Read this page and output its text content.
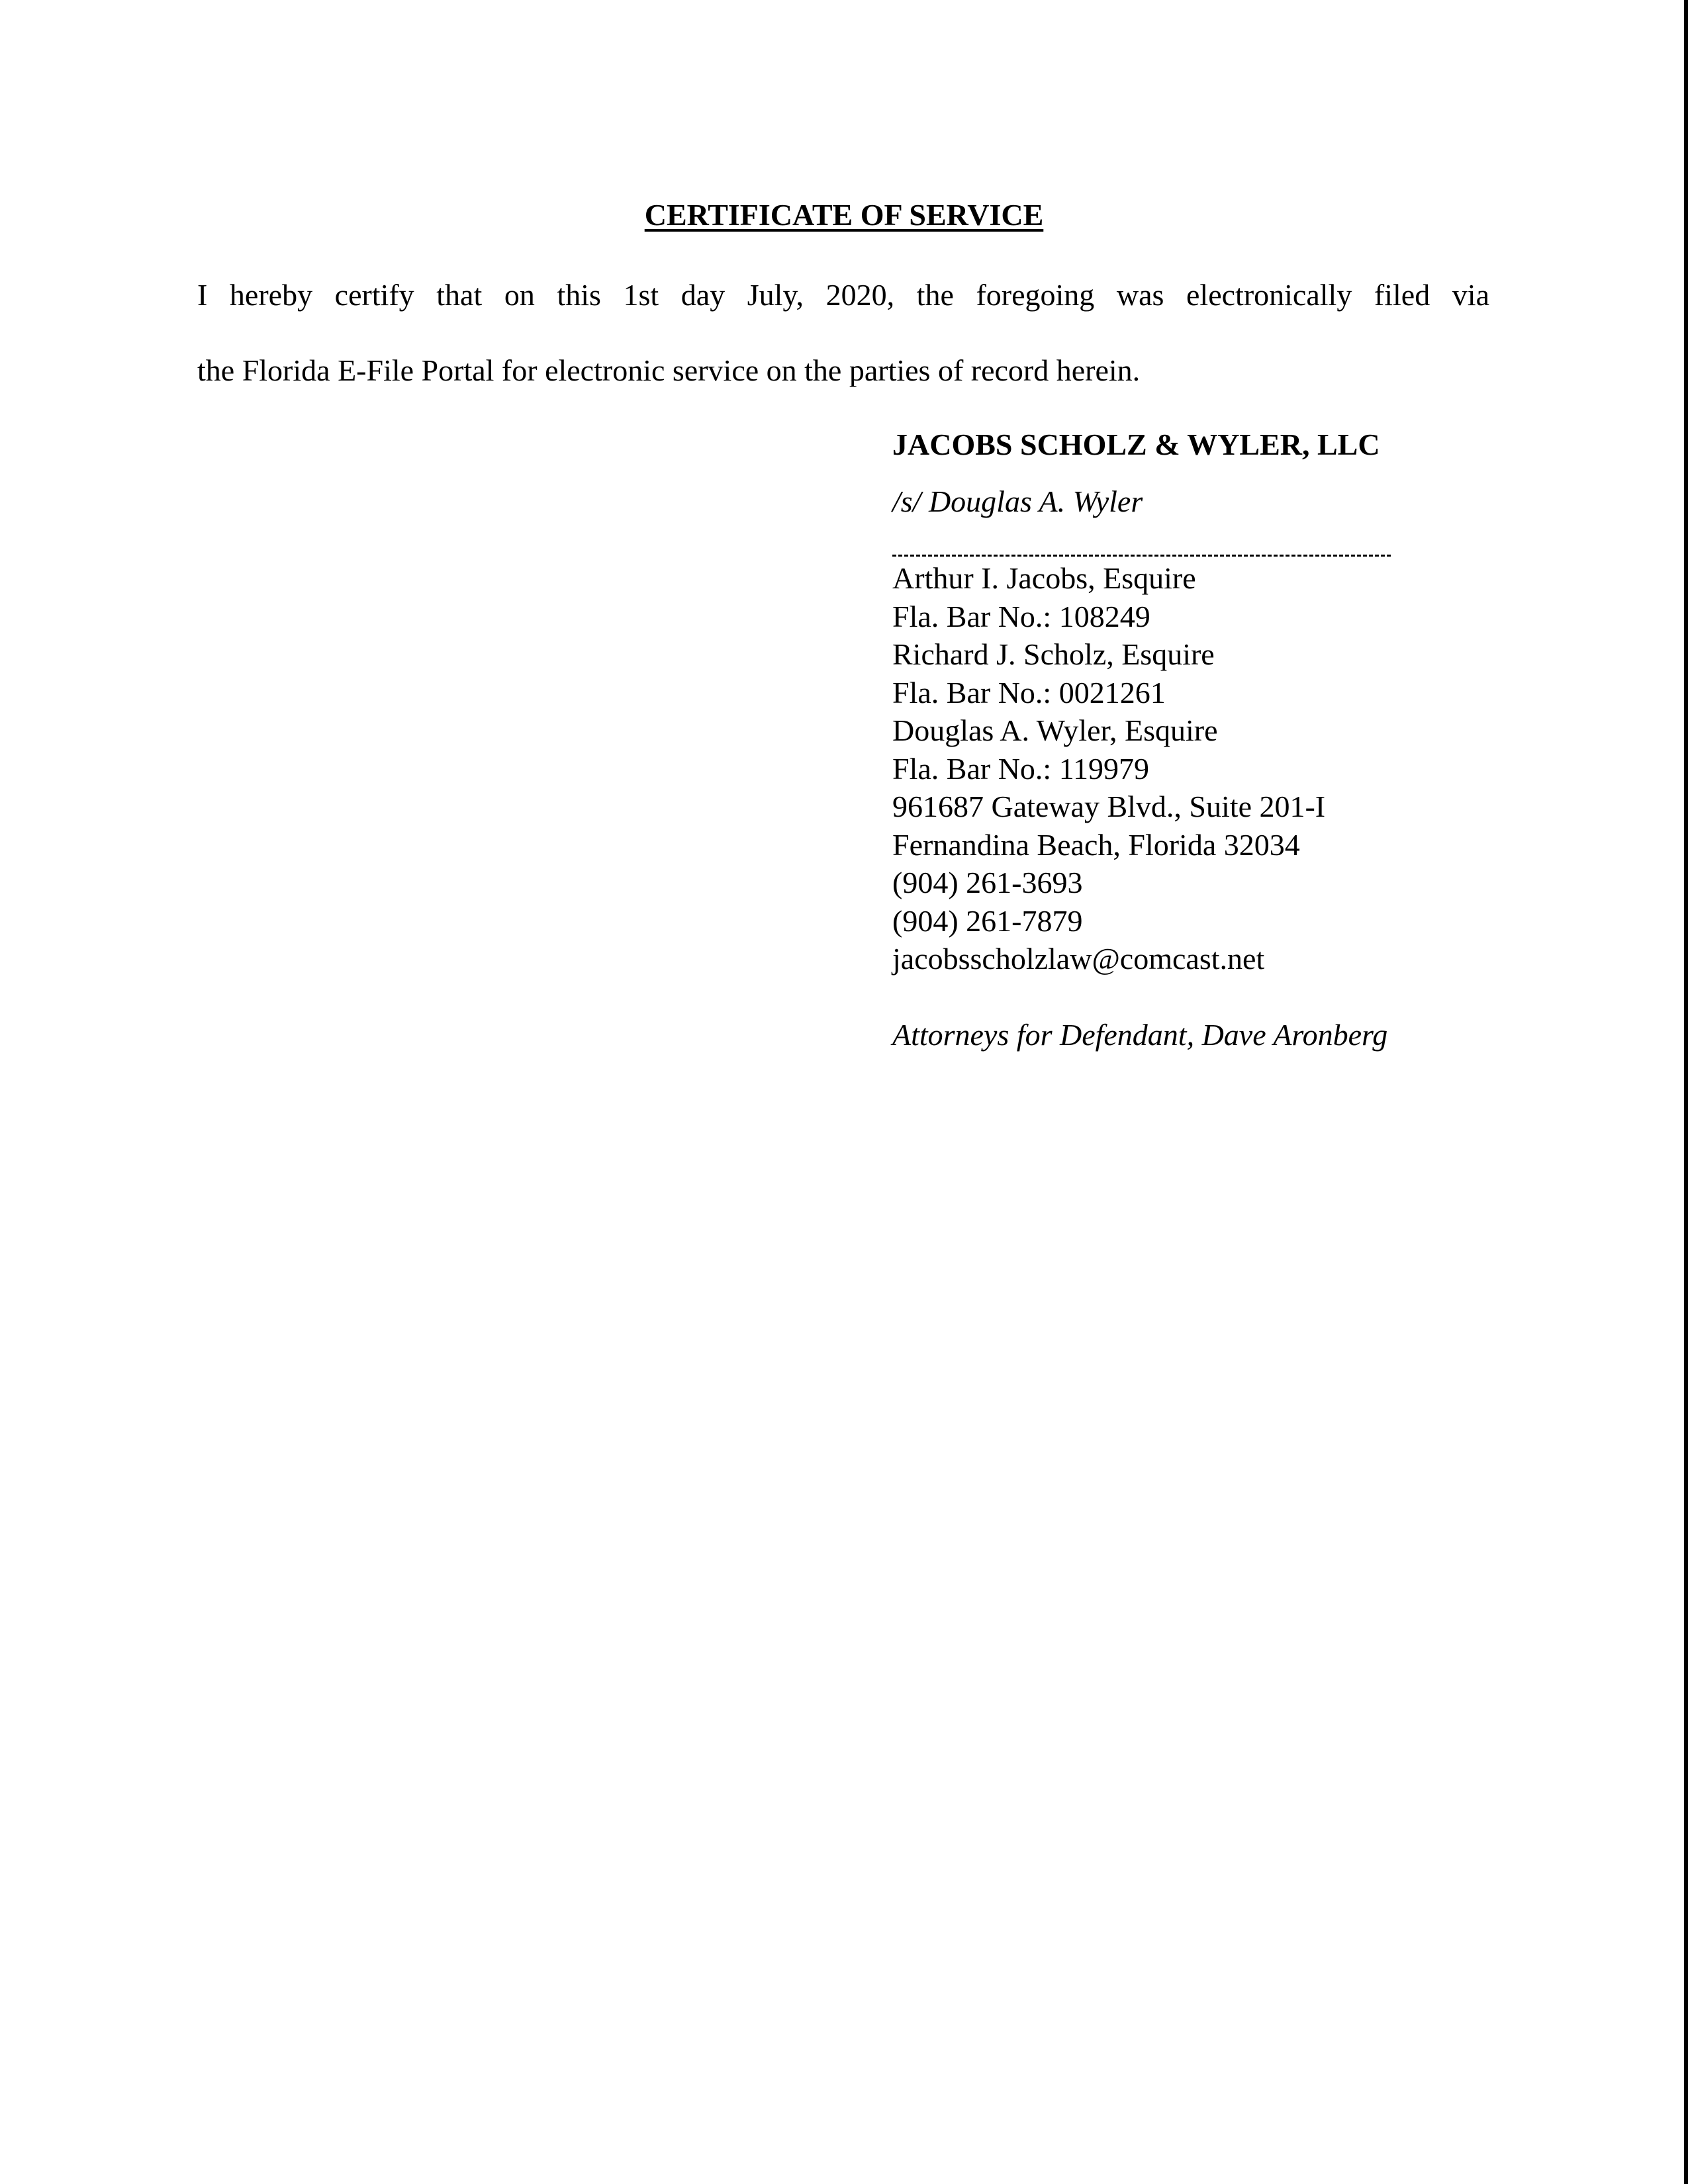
CERTIFICATE OF SERVICE
I hereby certify that on this 1st day July, 2020, the foregoing was electronically filed via
the Florida E-File Portal for electronic service on the parties of record herein.
JACOBS SCHOLZ & WYLER, LLC
/s/ Douglas A. Wyler
Arthur I. Jacobs, Esquire
Fla. Bar No.: 108249
Richard J. Scholz, Esquire
Fla. Bar No.: 0021261
Douglas A. Wyler, Esquire
Fla. Bar No.: 119979
961687 Gateway Blvd., Suite 201-I
Fernandina Beach, Florida 32034
(904) 261-3693
(904) 261-7879
jacobsscholzlaw@comcast.net
Attorneys for Defendant, Dave Aronberg
